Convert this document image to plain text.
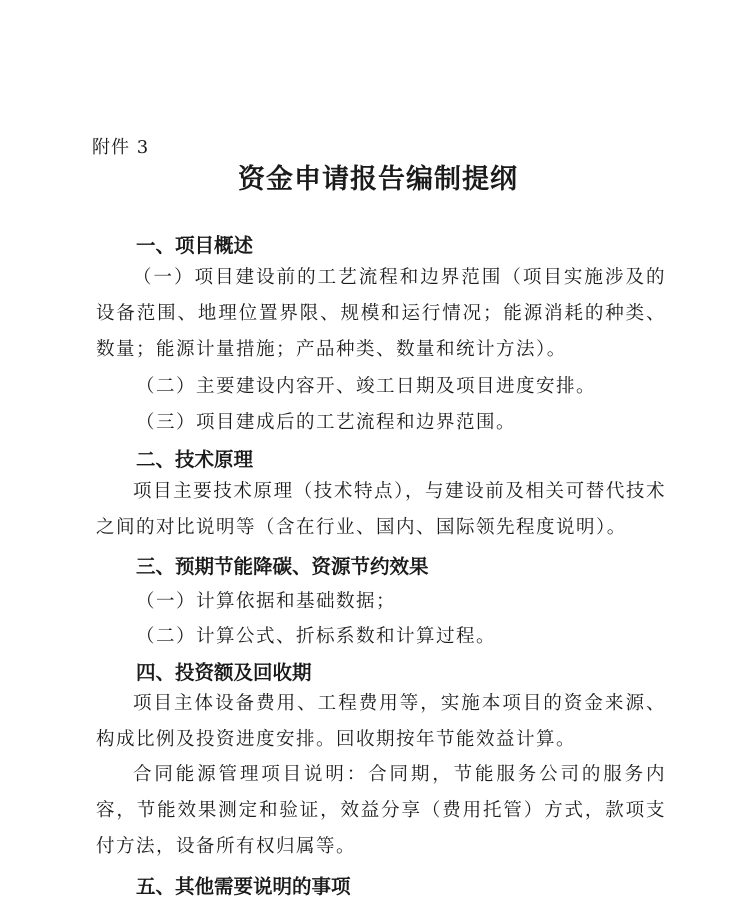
附件 3
资金申请报告编制提纲
一、项目概述
（一）项目建设前的工艺流程和边界范围（项目实施涉及的设备范围、地理位置界限、规模和运行情况；能源消耗的种类、数量；能源计量措施；产品种类、数量和统计方法）。
（二）主要建设内容开、竣工日期及项目进度安排。
（三）项目建成后的工艺流程和边界范围。
二、技术原理
项目主要技术原理（技术特点），与建设前及相关可替代技术之间的对比说明等（含在行业、国内、国际领先程度说明）。
三、预期节能降碳、资源节约效果
（一）计算依据和基础数据；
（二）计算公式、折标系数和计算过程。
四、投资额及回收期
项目主体设备费用、工程费用等，实施本项目的资金来源、构成比例及投资进度安排。回收期按年节能效益计算。
合同能源管理项目说明：合同期，节能服务公司的服务内容，节能效果测定和验证，效益分享（费用托管）方式，款项支付方法，设备所有权归属等。
五、其他需要说明的事项
